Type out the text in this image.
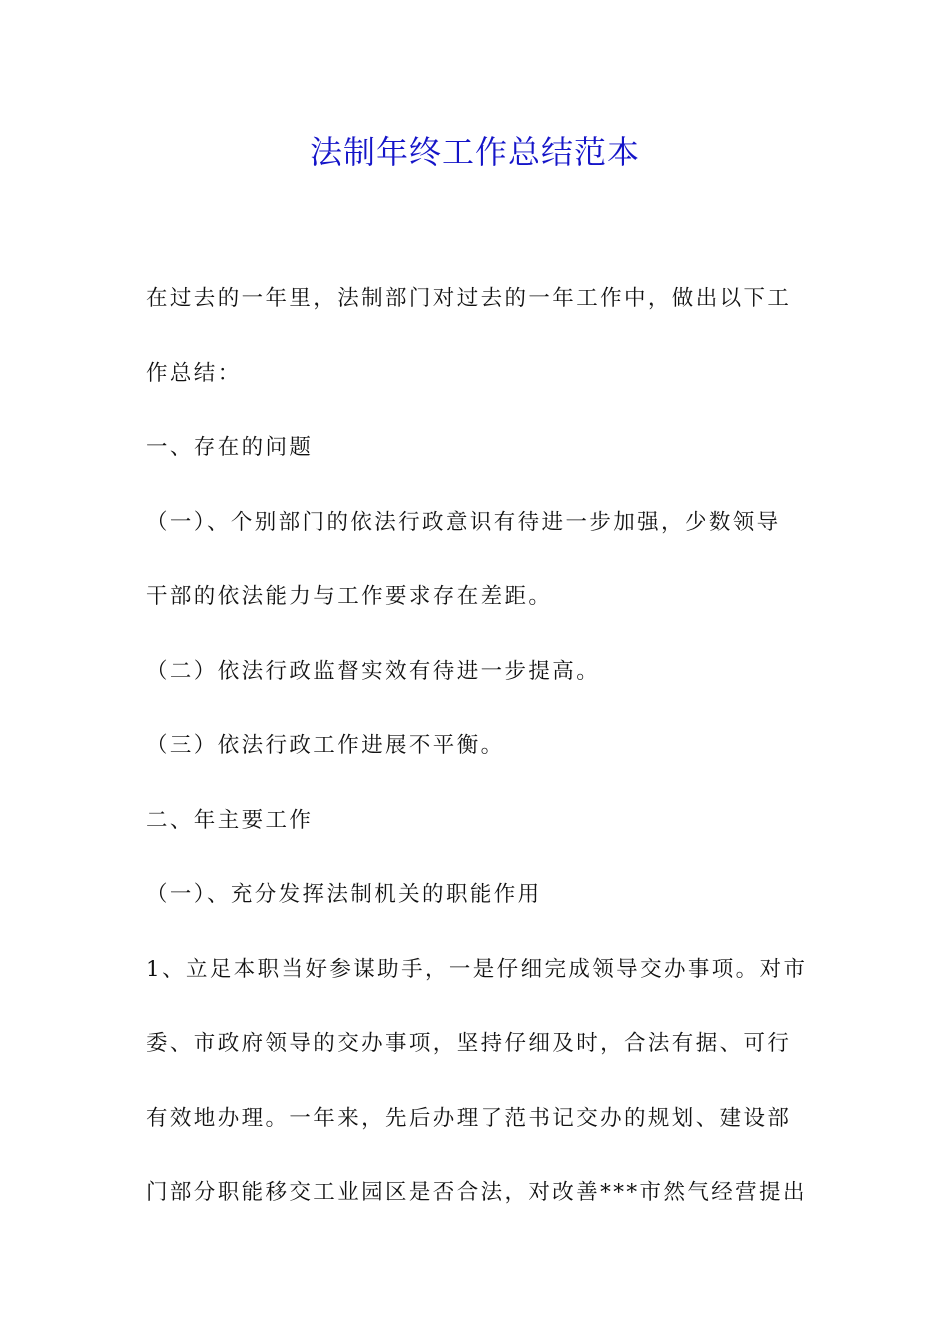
法制年终工作总结范本
在过去的一年里，法制部门对过去的一年工作中，做出以下工
作总结：
一、存在的问题
（一）、个别部门的依法行政意识有待进一步加强，少数领导
干部的依法能力与工作要求存在差距。
（二）依法行政监督实效有待进一步提高。
（三）依法行政工作进展不平衡。
二、年主要工作
（一）、充分发挥法制机关的职能作用
1、立足本职当好参谋助手，一是仔细完成领导交办事项。对市
委、市政府领导的交办事项，坚持仔细及时，合法有据、可行
有效地办理。一年来，先后办理了范书记交办的规划、建设部
门部分职能移交工业园区是否合法，对改善***市然气经营提出
